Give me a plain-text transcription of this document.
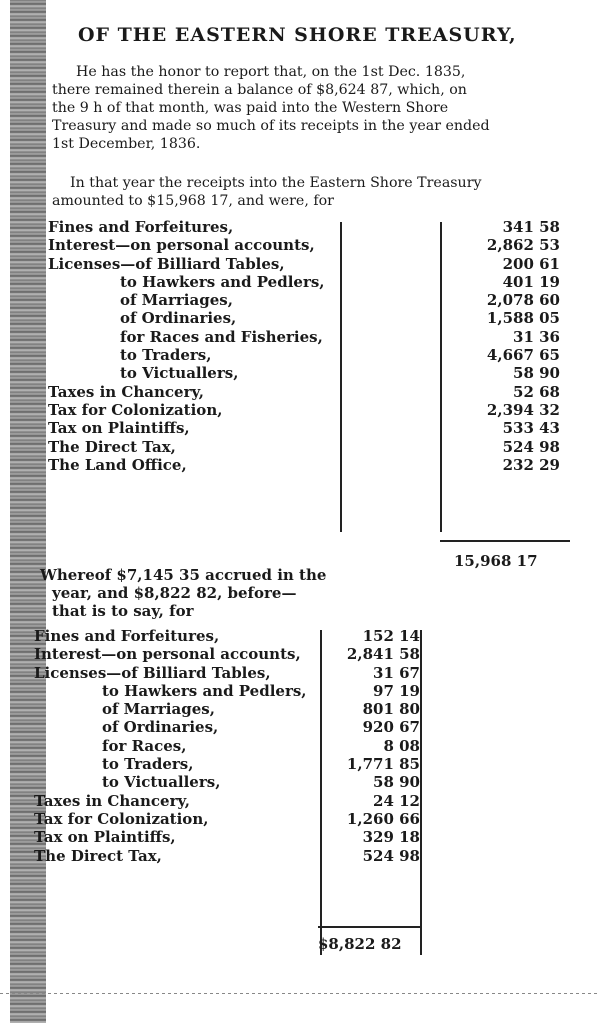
OF THE EASTERN SHORE TREASURY,
He has the honor to report that, on the 1st Dec. 1835,
there remained therein a balance of $8,624 87, which, on
the 9 h of that month, was paid into the Western Shore
Treasury and made so much of its receipts in the year ended
1st December, 1836.
In that year the receipts into the Eastern Shore Treasury
amounted to $15,968 17, and were, for
Fines and Forfeitures,	341 58
Interest—on personal accounts,	2,862 53
Licenses—of Billiard Tables,	200 61
to Hawkers and Pedlers,	401 19
of Marriages,	2,078 60
of Ordinaries,	1,588 05
for Races and Fisheries,	31 36
to Traders,	4,667 65
to Victuallers,	58 90
Taxes in Chancery,	52 68
Tax for Colonization,	2,394 32
Tax on Plaintiffs,	533 43
The Direct Tax,	524 98
The Land Office,	232 29
15,968 17
Whereof $7,145 35 accrued in the
year, and $8,822 82, before—
that is to say, for
Fines and Forfeitures,	152 14
Interest—on personal accounts,	2,841 58
Licenses—of Billiard Tables,	31 67
to Hawkers and Pedlers,	97 19
of Marriages,	801 80
of Ordinaries,	920 67
for Races,	8 08
to Traders,	1,771 85
to Victuallers,	58 90
Taxes in Chancery,	24 12
Tax for Colonization,	1,260 66
Tax on Plaintiffs,	329 18
The Direct Tax,	524 98
$8,822 82
